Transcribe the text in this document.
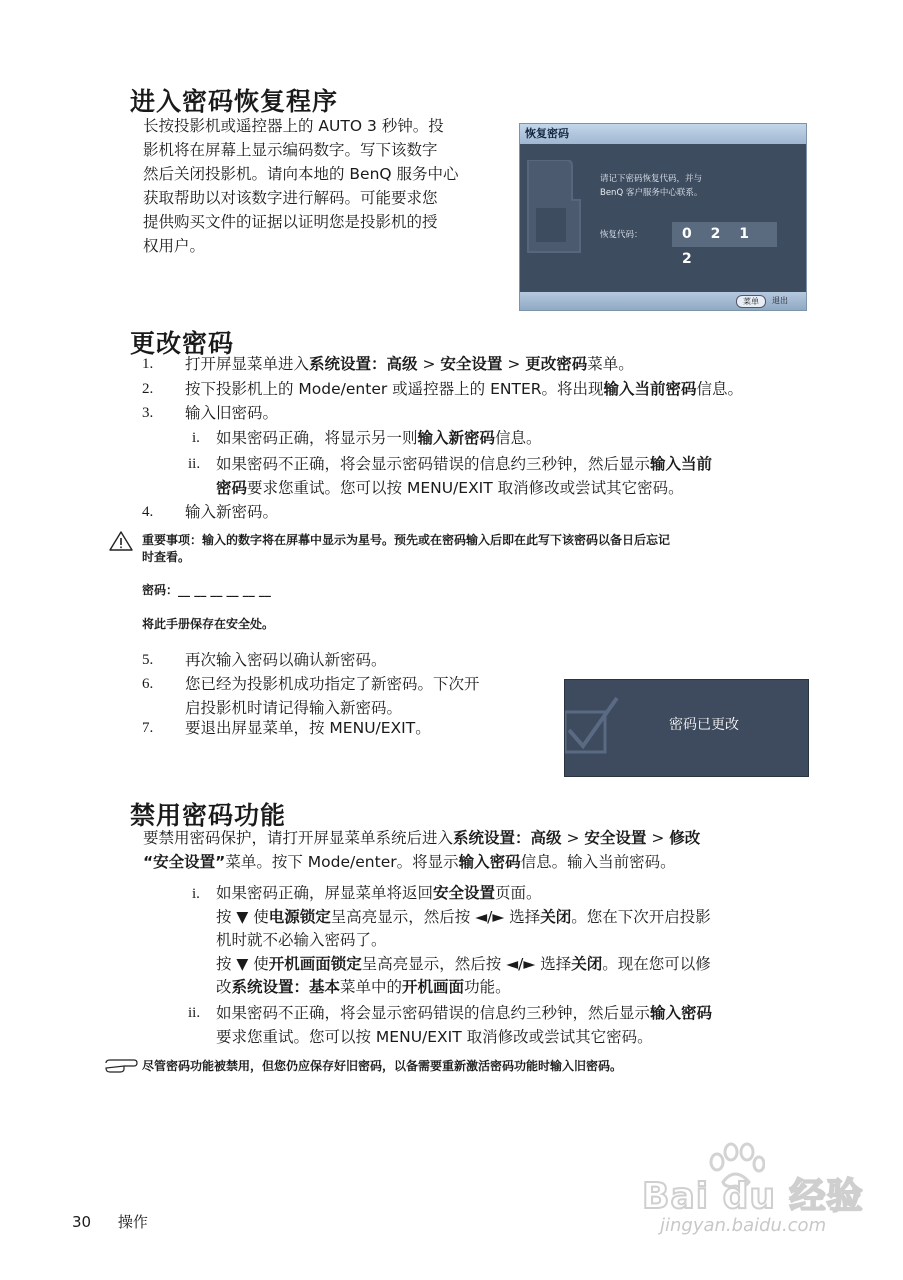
进入密码恢复程序
长按投影机或遥控器上的 AUTO 3 秒钟。投
影机将在屏幕上显示编码数字。写下该数字
然后关闭投影机。请向本地的 BenQ 服务中心
获取帮助以对该数字进行解码。可能要求您
提供购买文件的证据以证明您是投影机的授
权用户。
恢复密码
请记下密码恢复代码，并与
BenQ 客户服务中心联系。
恢复代码：	0 2 1 2
菜单	退出
更改密码
1. 打开屏显菜单进入系统设置：高级 > 安全设置 > 更改密码菜单。
2. 按下投影机上的 Mode/enter 或遥控器上的 ENTER。将出现输入当前密码信息。
3. 输入旧密码。
i. 如果密码正确，将显示另一则输入新密码信息。
ii. 如果密码不正确，将会显示密码错误的信息约三秒钟，然后显示输入当前
密码要求您重试。您可以按 MENU/EXIT 取消修改或尝试其它密码。
4. 输入新密码。
重要事项：输入的数字将在屏幕中显示为星号。预先或在密码输入后即在此写下该密码以备日后忘记
时查看。
密码：__ __ __ __ __ __
将此手册保存在安全处。
5. 再次输入密码以确认新密码。
6. 您已经为投影机成功指定了新密码。下次开
启投影机时请记得输入新密码。
7. 要退出屏显菜单，按 MENU/EXIT。	密码已更改
禁用密码功能
要禁用密码保护，请打开屏显菜单系统后进入系统设置：高级 > 安全设置 > 修改
“安全设置”菜单。按下 Mode/enter。将显示输入密码信息。输入当前密码。
i. 如果密码正确，屏显菜单将返回安全设置页面。
按 ▼ 使电源锁定呈高亮显示，然后按 ◄/► 选择关闭。您在下次开启投影
机时就不必输入密码了。
按 ▼ 使开机画面锁定呈高亮显示，然后按 ◄/► 选择关闭。现在您可以修
改系统设置：基本菜单中的开机画面功能。
ii. 如果密码不正确，将会显示密码错误的信息约三秒钟，然后显示输入密码
要求您重试。您可以按 MENU/EXIT 取消修改或尝试其它密码。
尽管密码功能被禁用，但您仍应保存好旧密码，以备需要重新激活密码功能时输入旧密码。
30 操作
Bai du 经验
jingyan.baidu.com
